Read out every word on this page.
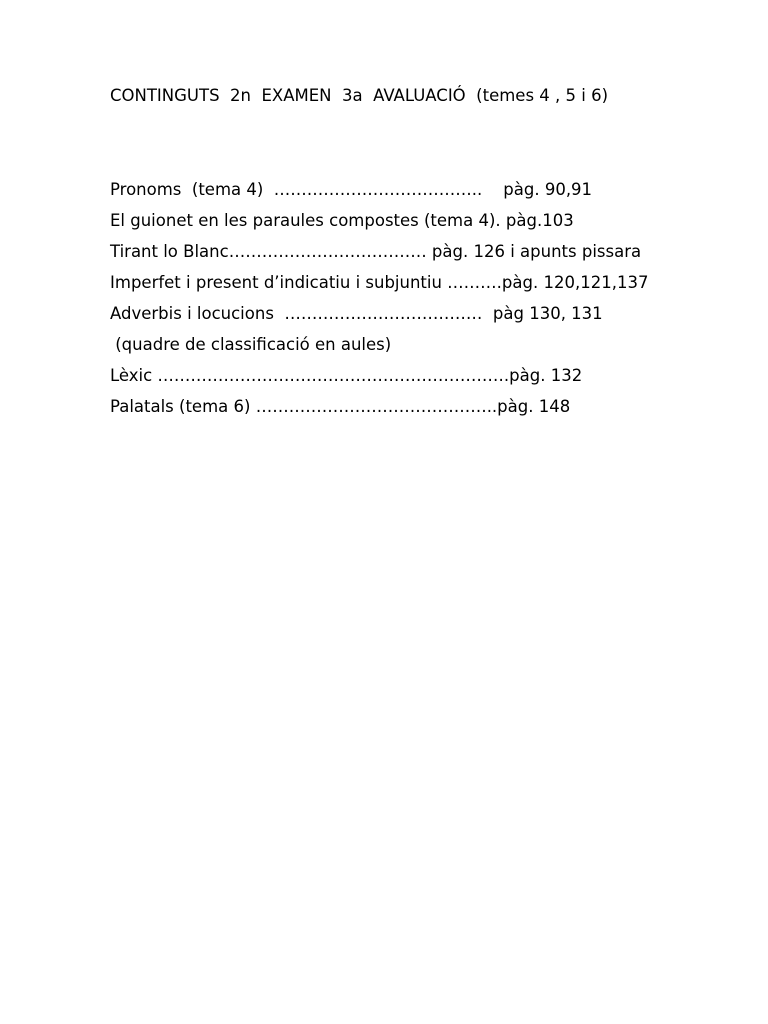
CONTINGUTS  2n  EXAMEN  3a  AVALUACIÓ  (temes 4 , 5 i 6)

Pronoms  (tema 4)  ………………………………..    pàg. 90,91

El guionet en les paraules compostes (tema 4). pàg.103

Tirant lo Blanc……………………………… pàg. 126 i apunts pissara

Imperfet i present d’indicatiu i subjuntiu ……….pàg. 120,121,137

Adverbis i locucions  ………………………………  pàg 130, 131

(quadre de classificació en aules)

Lèxic ……………………………………………………….pàg. 132

Palatals (tema 6) ……………………………………..pàg. 148
